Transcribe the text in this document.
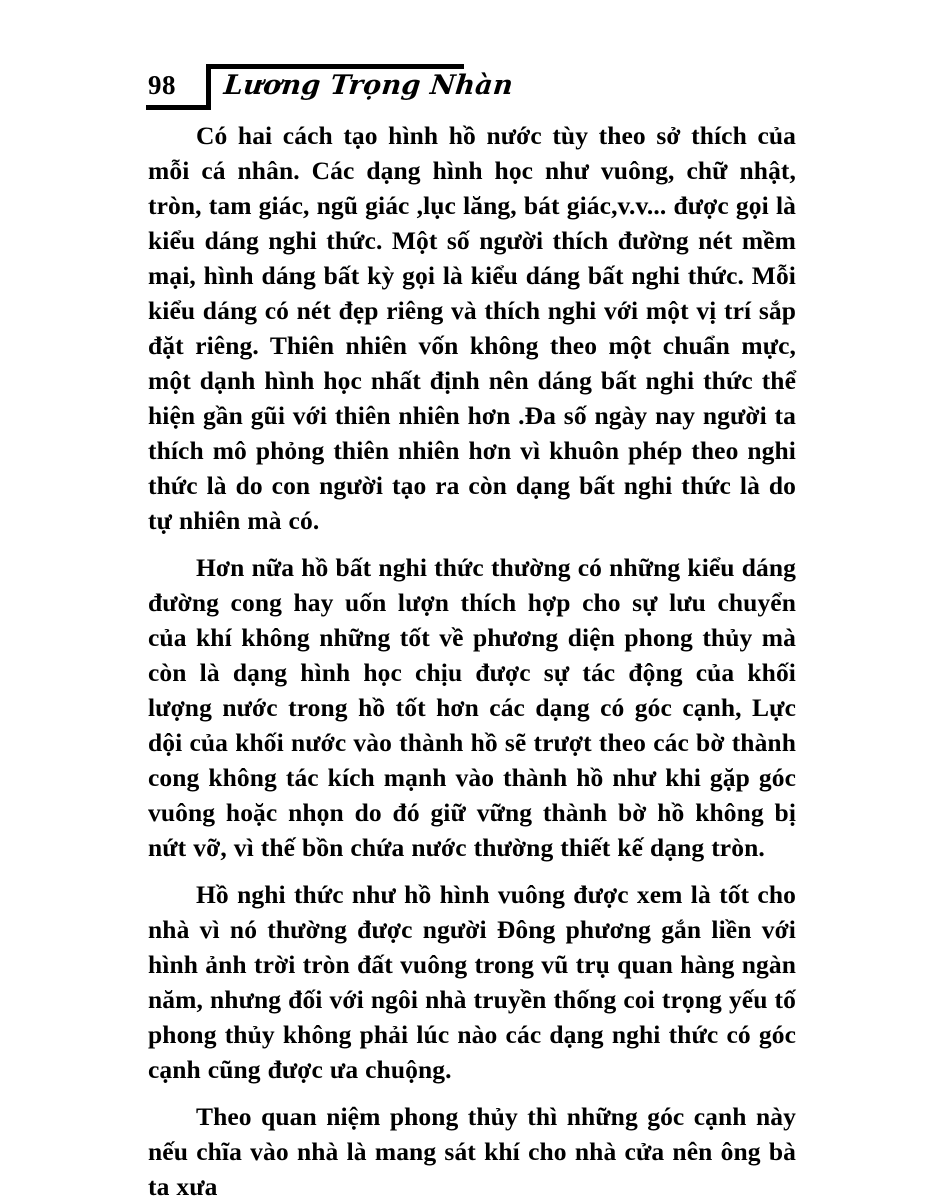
98 Lương Trọng Nhàn

Có hai cách tạo hình hồ nước tùy theo sở thích của mỗi cá nhân. Các dạng hình học như vuông, chữ nhật, tròn, tam giác, ngũ giác ,lục lăng, bát giác,v.v... được gọi là kiểu dáng nghi thức. Một số người thích đường nét mềm mại, hình dáng bất kỳ gọi là kiểu dáng bất nghi thức. Mỗi kiểu dáng có nét đẹp riêng và thích nghi với một vị trí sắp đặt riêng. Thiên nhiên vốn không theo một chuẩn mực, một dạnh hình học nhất định nên dáng bất nghi thức thể hiện gần gũi với thiên nhiên hơn .Đa số ngày nay người ta thích mô phỏng thiên nhiên hơn vì khuôn phép theo nghi thức là do con người tạo ra còn dạng bất nghi thức là do tự nhiên mà có.

Hơn nữa hồ bất nghi thức thường có những kiểu dáng đường cong hay uốn lượn thích hợp cho sự lưu chuyển của khí không những tốt về phương diện phong thủy mà còn là dạng hình học chịu được sự tác động của khối lượng nước trong hồ tốt hơn các dạng có góc cạnh, Lực dội của khối nước vào thành hồ sẽ trượt theo các bờ thành cong không tác kích mạnh vào thành hồ như khi gặp góc vuông hoặc nhọn do đó giữ vững thành bờ hồ không bị nứt vỡ, vì thế bồn chứa nước thường thiết kế dạng tròn.

Hồ nghi thức như hồ hình vuông được xem là tốt cho nhà vì nó thường được người Đông phương gắn liền với hình ảnh trời tròn đất vuông trong vũ trụ quan hàng ngàn năm, nhưng đối với ngôi nhà truyền thống coi trọng yếu tố phong thủy không phải lúc nào các dạng nghi thức có góc cạnh cũng được ưa chuộng.

Theo quan niệm phong thủy thì những góc cạnh này nếu chĩa vào nhà là mang sát khí cho nhà cửa nên ông bà ta xưa
